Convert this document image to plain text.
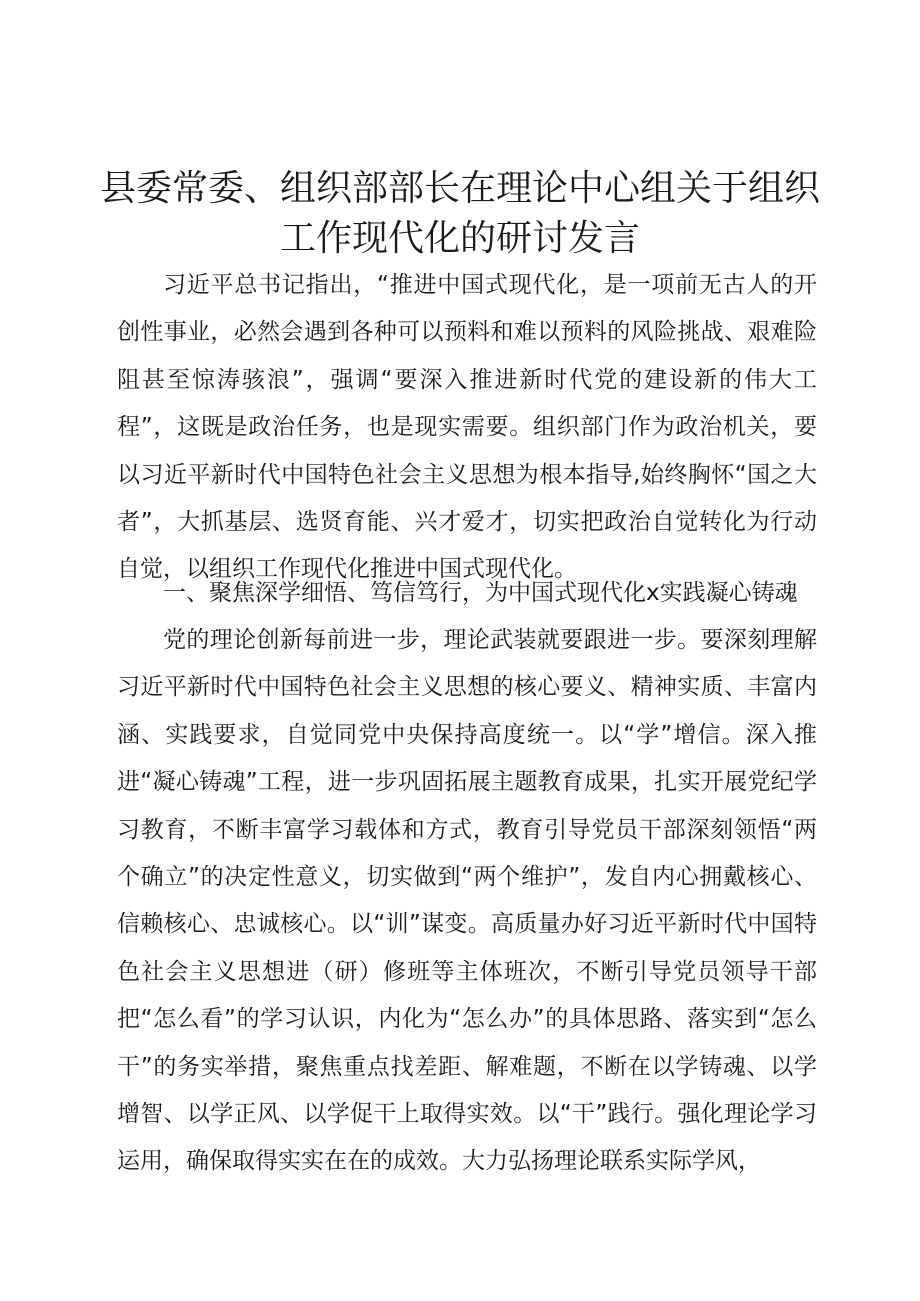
县委常委、组织部部长在理论中心组关于组织
工作现代化的研讨发言

习近平总书记指出，“推进中国式现代化，是一项前无古人的开创性事业，必然会遇到各种可以预料和难以预料的风险挑战、艰难险阻甚至惊涛骇浪”，强调“要深入推进新时代党的建设新的伟大工程”，这既是政治任务，也是现实需要。组织部门作为政治机关，要以习近平新时代中国特色社会主义思想为根本指导,始终胸怀“国之大者”，大抓基层、选贤育能、兴才爱才，切实把政治自觉转化为行动自觉，以组织工作现代化推进中国式现代化。

一、聚焦深学细悟、笃信笃行，为中国式现代化x实践凝心铸魂

党的理论创新每前进一步，理论武装就要跟进一步。要深刻理解习近平新时代中国特色社会主义思想的核心要义、精神实质、丰富内涵、实践要求，自觉同党中央保持高度统一。以“学”增信。深入推进“凝心铸魂”工程，进一步巩固拓展主题教育成果，扎实开展党纪学习教育，不断丰富学习载体和方式，教育引导党员干部深刻领悟“两个确立”的决定性意义，切实做到“两个维护”，发自内心拥戴核心、信赖核心、忠诚核心。以“训”谋变。高质量办好习近平新时代中国特色社会主义思想进（研）修班等主体班次，不断引导党员领导干部把“怎么看”的学习认识，内化为“怎么办”的具体思路、落实到“怎么干”的务实举措，聚焦重点找差距、解难题，不断在以学铸魂、以学增智、以学正风、以学促干上取得实效。以“干”践行。强化理论学习运用，确保取得实实在在的成效。大力弘扬理论联系实际学风，
